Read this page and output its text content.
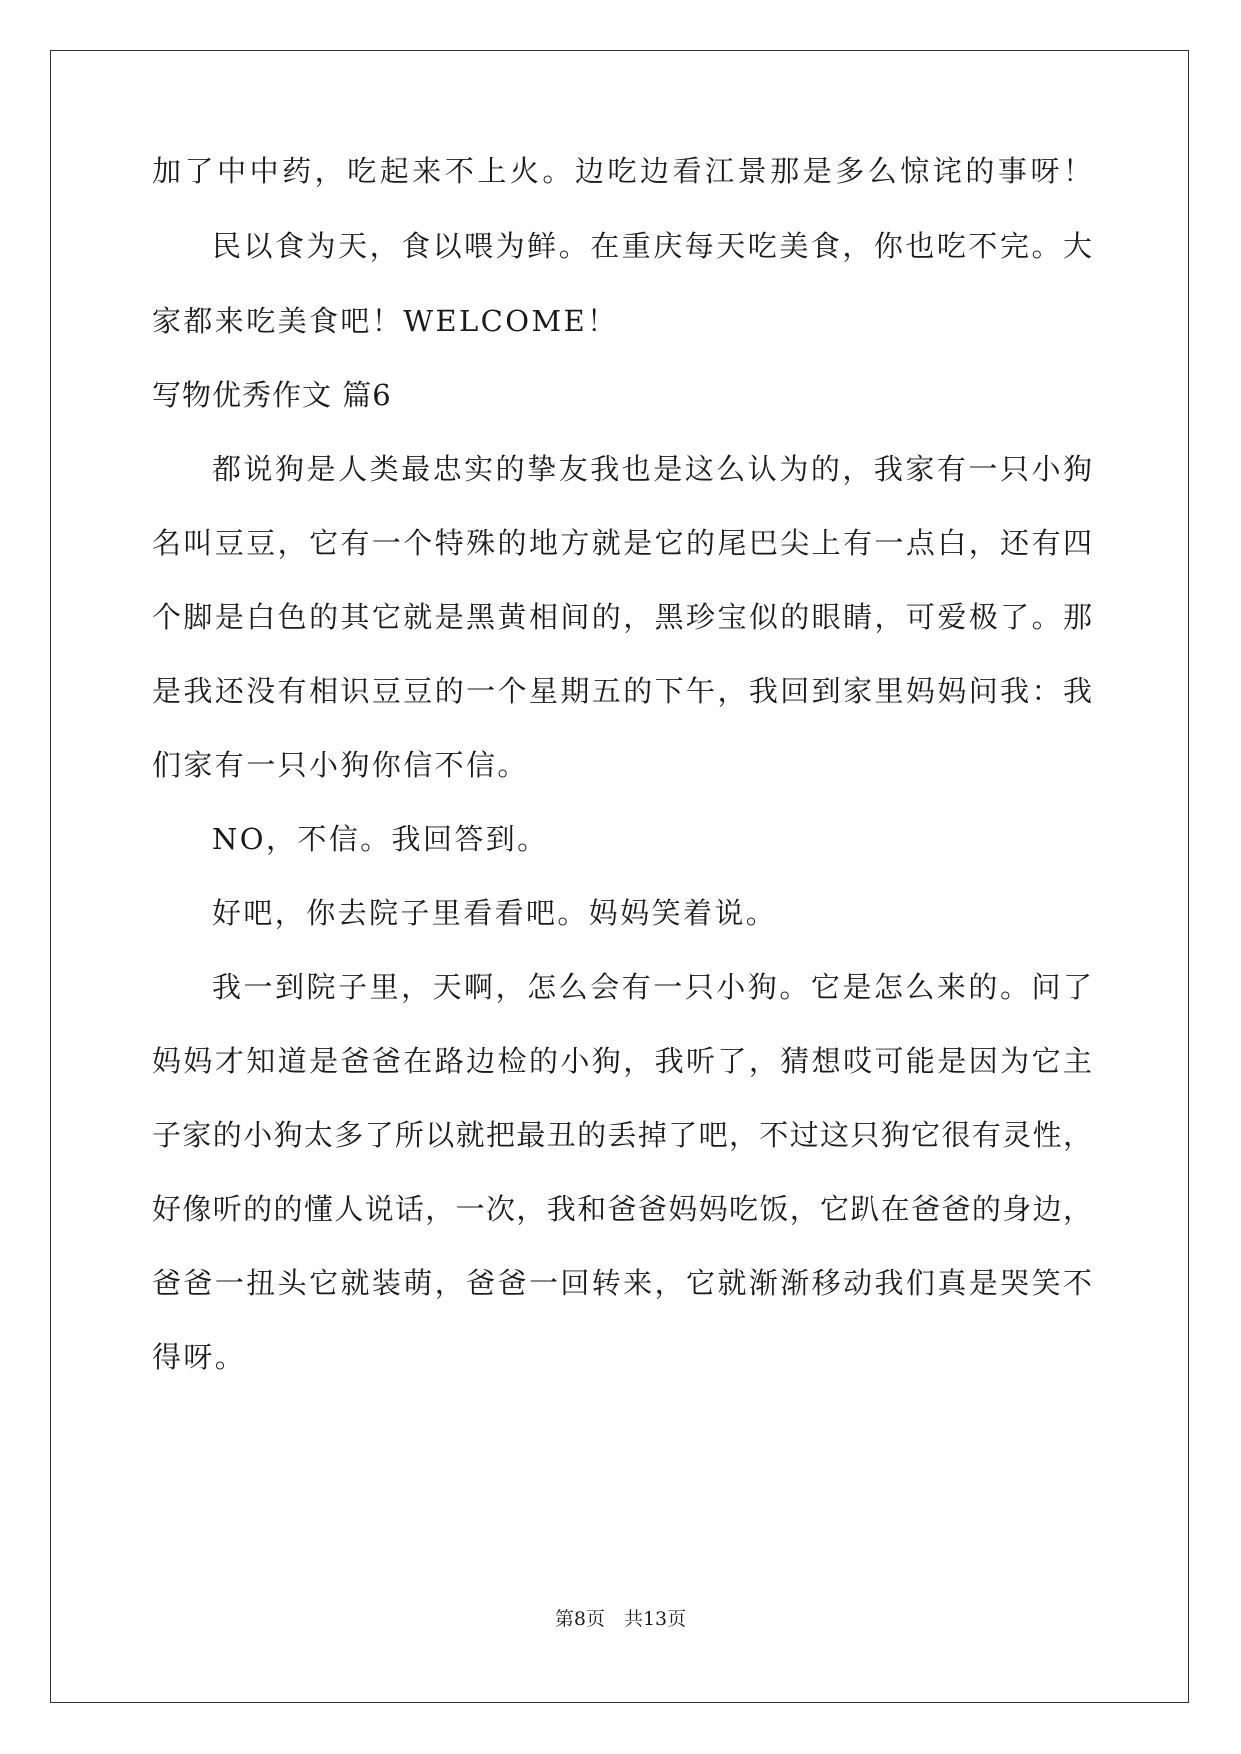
加了中中药，吃起来不上火。边吃边看江景那是多么惊诧的事呀！
民以食为天，食以喂为鲜。在重庆每天吃美食，你也吃不完。大
家都来吃美食吧！WELCOME！
写物优秀作文 篇6
都说狗是人类最忠实的挚友我也是这么认为的，我家有一只小狗
名叫豆豆，它有一个特殊的地方就是它的尾巴尖上有一点白，还有四
个脚是白色的其它就是黑黄相间的，黑珍宝似的眼睛，可爱极了。那
是我还没有相识豆豆的一个星期五的下午，我回到家里妈妈问我：我
们家有一只小狗你信不信。
NO，不信。我回答到。
好吧，你去院子里看看吧。妈妈笑着说。
我一到院子里，天啊，怎么会有一只小狗。它是怎么来的。问了
妈妈才知道是爸爸在路边检的小狗，我听了，猜想哎可能是因为它主
子家的小狗太多了所以就把最丑的丢掉了吧，不过这只狗它很有灵性，
好像听的的懂人说话，一次，我和爸爸妈妈吃饭，它趴在爸爸的身边，
爸爸一扭头它就装萌，爸爸一回转来，它就渐渐移动我们真是哭笑不
得呀。
第8页　共13页
